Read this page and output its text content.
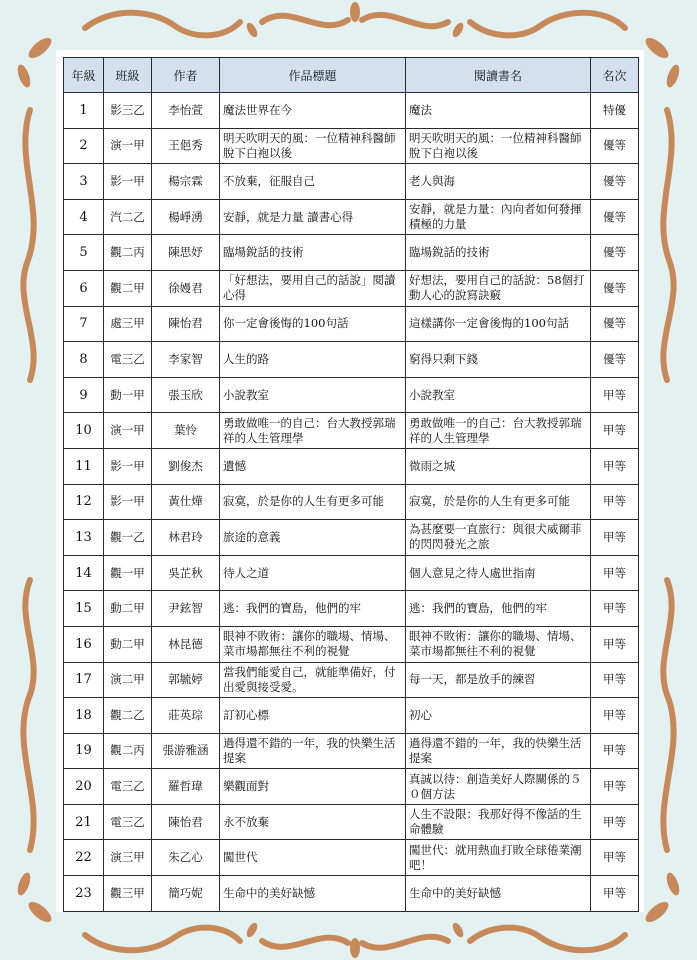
年級	班級	作者	作品標題	閱讀書名	名次
1	影三乙	李怡萱	魔法世界在今	魔法	特優
2	演一甲	王俋秀	明天吹明天的風：一位精神科醫師脫下白袍以後	明天吹明天的風：一位精神科醫師脫下白袍以後	優等
3	影一甲	楊宗霖	不放棄，征服自己	老人與海	優等
4	汽二乙	楊崢湧	安靜，就是力量 讀書心得	安靜，就是力量：內向者如何發揮積極的力量	優等
5	觀二丙	陳思妤	臨場銳話的技術	臨場銳話的技術	優等
6	觀二甲	徐嫚君	「好想法，要用自己的話說」閱讀心得	好想法，要用自己的話說：58個打動人心的說寫訣竅	優等
7	處三甲	陳怡君	你一定會後悔的100句話	這樣講你一定會後悔的100句話	優等
8	電三乙	李家智	人生的路	窮得只剩下錢	優等
9	動一甲	張玉欣	小說教室	小說教室	甲等
10	演一甲	葉怜	勇敢做唯一的自己：台大教授郭瑞祥的人生管理學	勇敢做唯一的自己：台大教授郭瑞祥的人生管理學	甲等
11	影一甲	劉俊杰	遺憾	微雨之城	甲等
12	影一甲	黃仕燁	寂寞，於是你的人生有更多可能	寂寞，於是你的人生有更多可能	甲等
13	觀一乙	林君玲	旅途的意義	為甚麼要一直旅行：與很犬威爾菲的閃閃發光之旅	甲等
14	觀一甲	吳芷秋	待人之道	個人意見之待人處世指南	甲等
15	動二甲	尹鉉智	逃：我們的寶島，他們的牢	逃：我們的寶島，他們的牢	甲等
16	動二甲	林昆德	眼神不敗術：讓你的職場、情場、菜市場都無往不利的視覺	眼神不敗術：讓你的職場、情場、菜市場都無往不利的視覺	甲等
17	演二甲	郭毓婷	當我們能愛自己，就能準備好，付出愛與接受愛。	每一天，都是放手的練習	甲等
18	觀二乙	莊英琮	訂初心標	初心	甲等
19	觀二丙	張游雅涵	過得還不錯的一年，我的快樂生活提案	過得還不錯的一年，我的快樂生活提案	甲等
20	電三乙	羅哲瑋	樂觀面對	真誠以待：創造美好人際關係的５０個方法	甲等
21	電三乙	陳怡君	永不放棄	人生不設限：我那好得不像話的生命體驗	甲等
22	演三甲	朱乙心	闖世代	闖世代：就用熱血打敗全球倦業潮吧！	甲等
23	觀三甲	簡巧妮	生命中的美好缺憾	生命中的美好缺憾	甲等
